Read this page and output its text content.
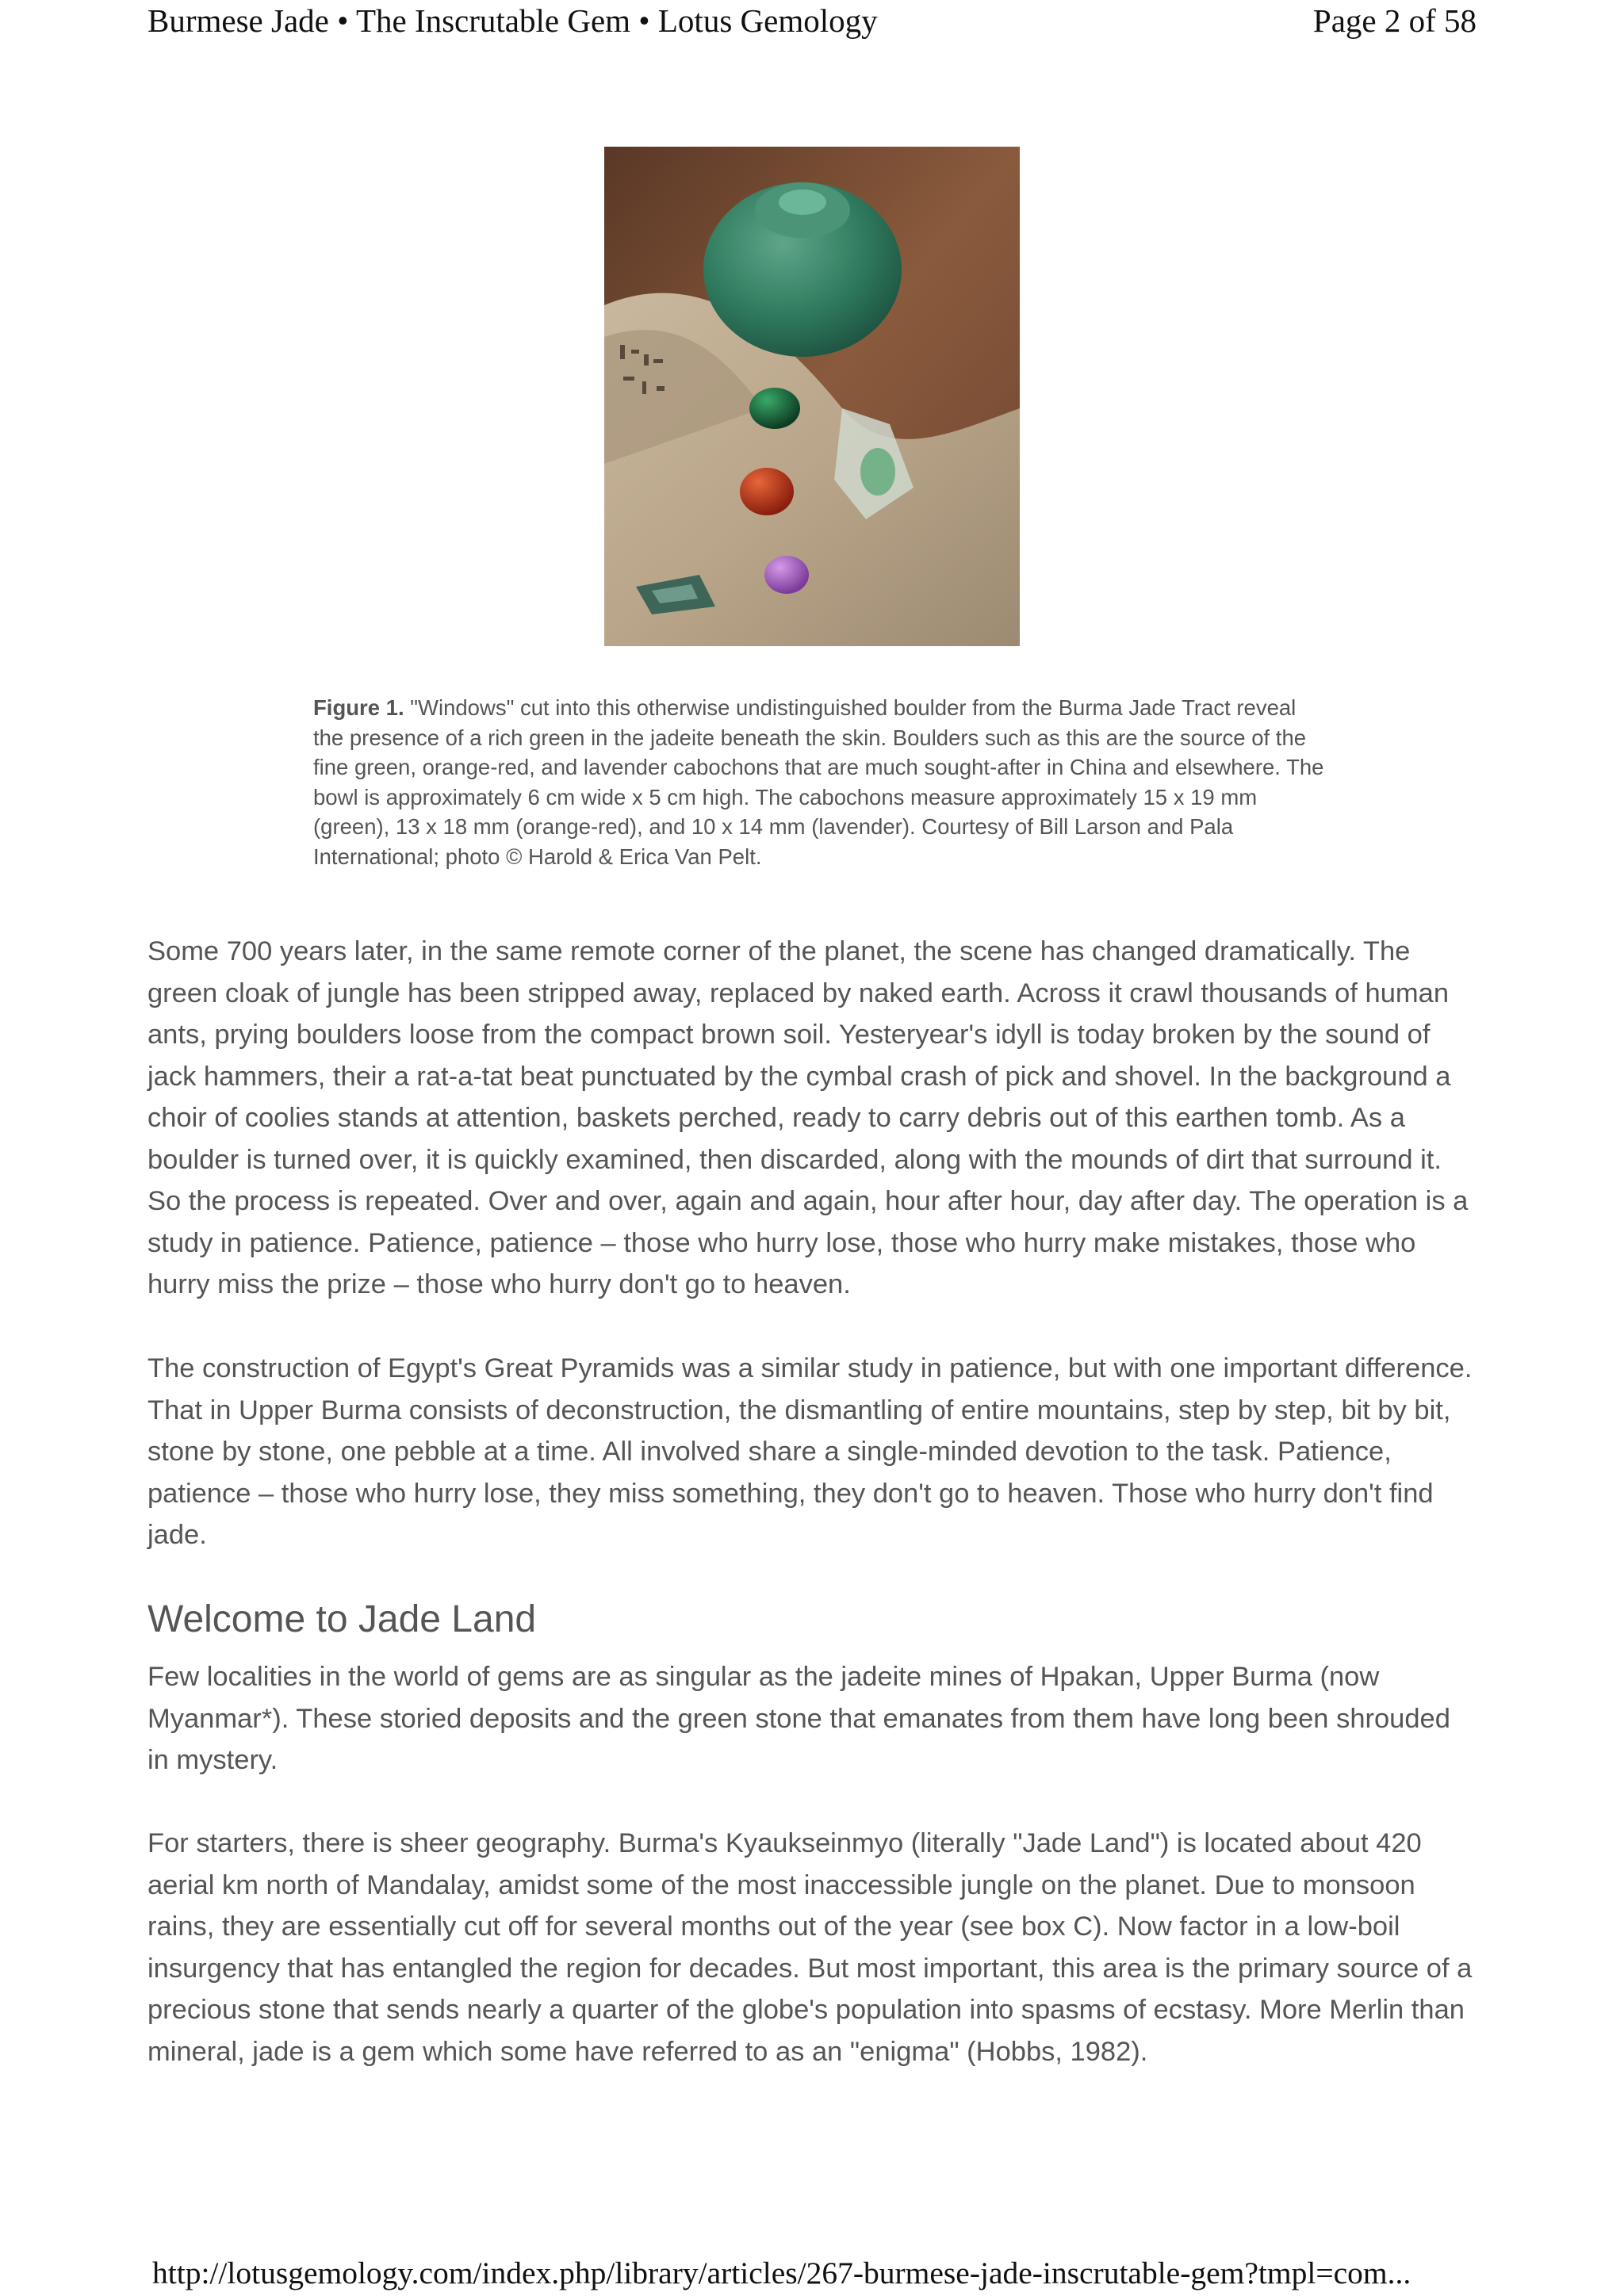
Burmese Jade • The Inscrutable Gem • Lotus Gemology	Page 2 of 58
Figure 1. "Windows" cut into this otherwise undistinguished boulder from the Burma Jade Tract reveal the presence of a rich green in the jadeite beneath the skin. Boulders such as this are the source of the fine green, orange-red, and lavender cabochons that are much sought-after in China and elsewhere. The bowl is approximately 6 cm wide x 5 cm high. The cabochons measure approximately 15 x 19 mm (green), 13 x 18 mm (orange-red), and 10 x 14 mm (lavender). Courtesy of Bill Larson and Pala International; photo © Harold & Erica Van Pelt.

Some 700 years later, in the same remote corner of the planet, the scene has changed dramatically. The green cloak of jungle has been stripped away, replaced by naked earth. Across it crawl thousands of human ants, prying boulders loose from the compact brown soil. Yesteryear's idyll is today broken by the sound of jack hammers, their a rat-a-tat beat punctuated by the cymbal crash of pick and shovel. In the background a choir of coolies stands at attention, baskets perched, ready to carry debris out of this earthen tomb. As a boulder is turned over, it is quickly examined, then discarded, along with the mounds of dirt that surround it. So the process is repeated. Over and over, again and again, hour after hour, day after day. The operation is a study in patience. Patience, patience – those who hurry lose, those who hurry make mistakes, those who hurry miss the prize – those who hurry don't go to heaven.

The construction of Egypt's Great Pyramids was a similar study in patience, but with one important difference. That in Upper Burma consists of deconstruction, the dismantling of entire mountains, step by step, bit by bit, stone by stone, one pebble at a time. All involved share a single-minded devotion to the task. Patience, patience – those who hurry lose, they miss something, they don't go to heaven. Those who hurry don't find jade.

Welcome to Jade Land

Few localities in the world of gems are as singular as the jadeite mines of Hpakan, Upper Burma (now Myanmar*). These storied deposits and the green stone that emanates from them have long been shrouded in mystery.

For starters, there is sheer geography. Burma's Kyaukseinmyo (literally "Jade Land") is located about 420 aerial km north of Mandalay, amidst some of the most inaccessible jungle on the planet. Due to monsoon rains, they are essentially cut off for several months out of the year (see box C). Now factor in a low-boil insurgency that has entangled the region for decades. But most important, this area is the primary source of a precious stone that sends nearly a quarter of the globe's population into spasms of ecstasy. More Merlin than mineral, jade is a gem which some have referred to as an "enigma" (Hobbs, 1982).

http://lotusgemology.com/index.php/library/articles/267-burmese-jade-inscrutable-gem?tmpl=com...
